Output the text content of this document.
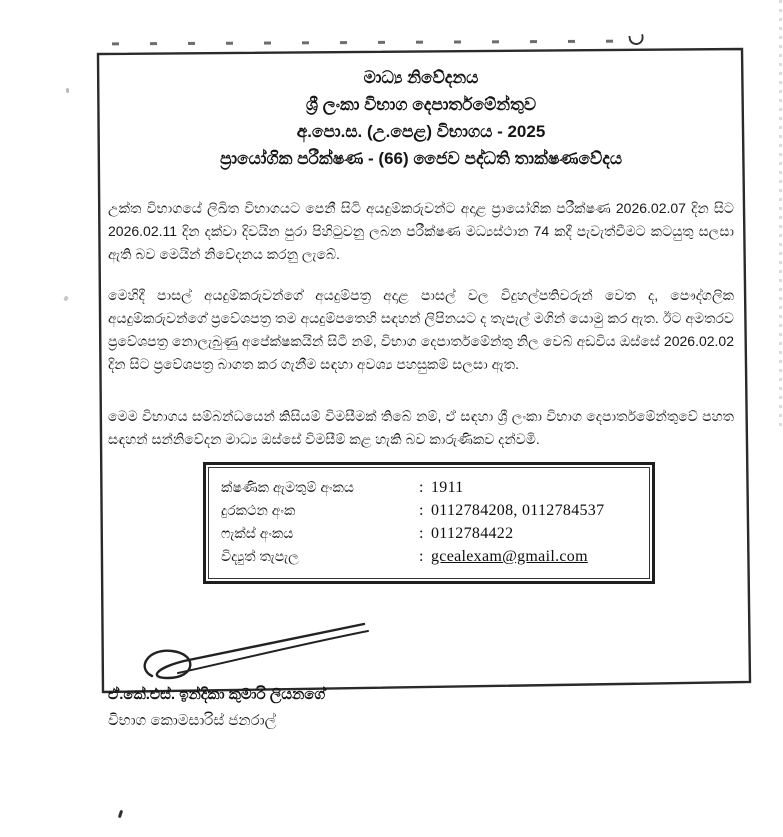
මාධ්‍ය නිවේදනය
ශ්‍රී ලංකා විභාග දෙපාර්තමේන්තුව
අ.පො.ස. (උ.පෙළ) විභාගය - 2025
ප්‍රායෝගික පරීක්ෂණ - (66) ජෛව පද්ධති තාක්ෂණවේදය
උක්ත විභාගයේ ලිඛිත විභාගයට පෙනී සිටි අයදුම්කරුවන්ට අදාළ ප්‍රායෝගික පරීක්ෂණ 2026.02.07 දින සිට
2026.02.11 දින දක්වා දිවයින පුරා පිහිටුවනු ලබන පරීක්ෂණ මධ්‍යස්ථාන 74 කදී පැවැත්වීමට කටයුතු සලසා
ඇති බව මෙයින් නිවේදනය කරනු ලැබේ.
මෙහිදී පාසල් අයදුම්කරුවන්ගේ අයදුම්පත්‍ර අදාළ පාසල් වල විදුහල්පතිවරුන් වෙත ද, පෞද්ගලික
අයදුම්කරුවන්ගේ ප්‍රවේශපත්‍ර තම අයදුම්පතෙහි සඳහන් ලිපිනයට ද තැපැල් මගින් යොමු කර ඇත. ඊට අමතරව
ප්‍රවේශපත්‍ර නොලැබුණු අපේක්ෂකයින් සිටී නම්, විභාග දෙපාර්තමේන්තු නිල වෙබ් අඩවිය ඔස්සේ 2026.02.02
දින සිට ප්‍රවේශපත්‍ර බාගත කර ගැනීම සඳහා අවශ්‍ය පහසුකම් සලසා ඇත.
මෙම විභාගය සම්බන්ධයෙන් කිසියම් විමසීමක් තිබේ නම්, ඒ සඳහා ශ්‍රී ලංකා විභාග දෙපාර්තමේන්තුවේ පහත
සඳහන් සන්නිවේදන මාධ්‍ය ඔස්සේ විමසීම් කළ හැකි බව කාරුණිකව දන්වමි.
ක්ෂණික ඇමතුම් අංකය	: 1911
දුරකථන අංක	: 0112784208, 0112784537
ෆැක්ස් අංකය	: 0112784422
විද්‍යුත් තැපැල	: gcealexam@gmail.com
ඒ.කේ.එස්. ඉන්දිකා කුමාරි ලියනගේ
විභාග කොමසාරිස් ජනරාල්
